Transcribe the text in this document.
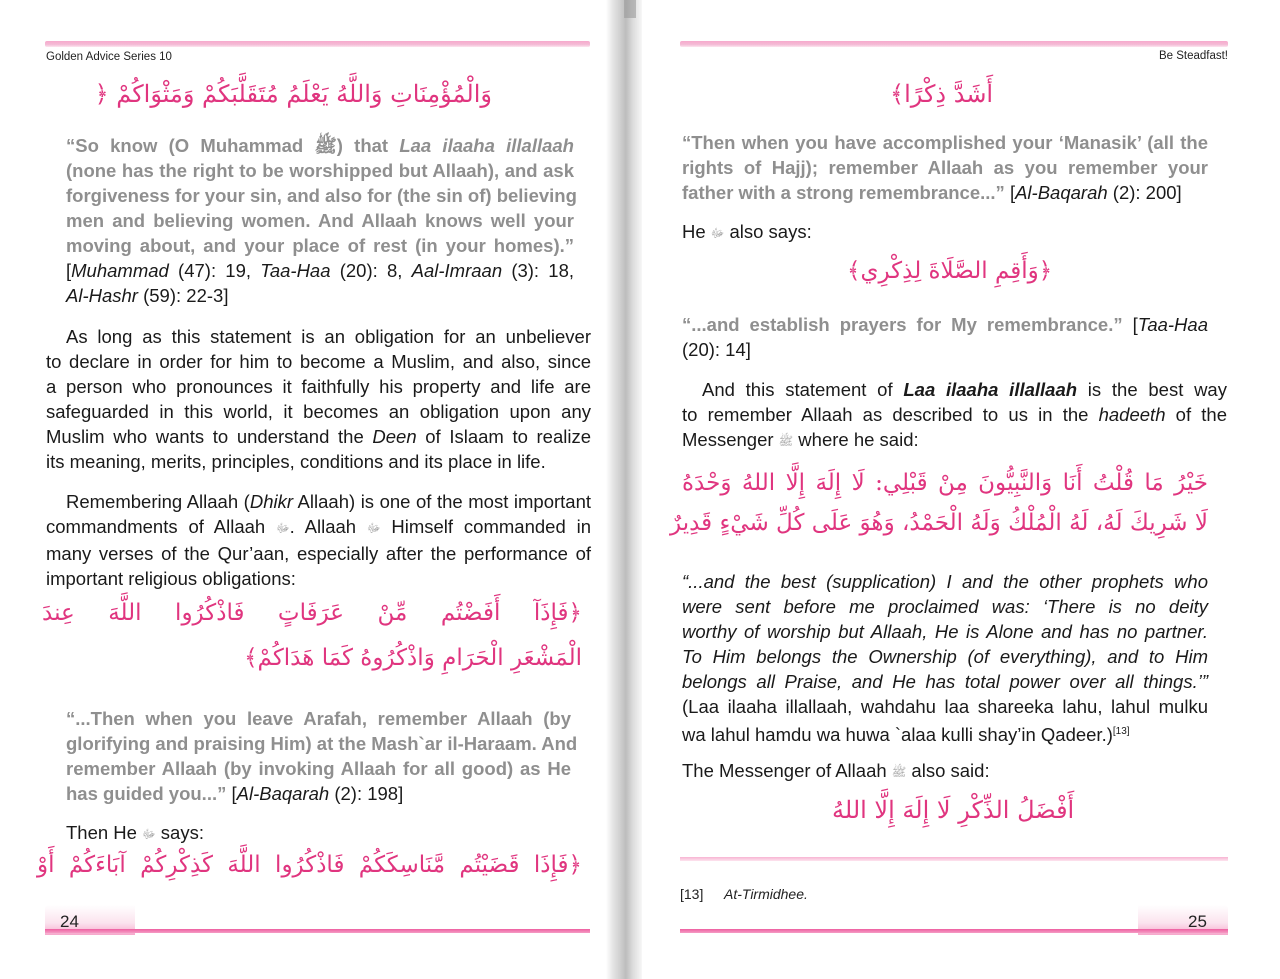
Golden Advice Series 10
وَالْمُؤْمِنَاتِ وَاللَّهُ يَعْلَمُ مُتَقَلَّبَكُمْ وَمَثْوَاكُمْ ﴿
“So know (O Muhammad ﷺ) that Laa ilaaha illallaah
(none has the right to be worshipped but Allaah), and ask
forgiveness for your sin, and also for (the sin of) believing
men and believing women. And Allaah knows well your
moving about, and your place of rest (in your homes).”
[Muhammad (47): 19, Taa-Haa (20): 8, Aal-Imraan (3): 18,
Al-Hashr (59): 22-3]
As long as this statement is an obligation for an unbeliever
to declare in order for him to become a Muslim, and also, since
a person who pronounces it faithfully his property and life are
safeguarded in this world, it becomes an obligation upon any
Muslim who wants to understand the Deen of Islaam to realize
its meaning, merits, principles, conditions and its place in life.
Remembering Allaah (Dhikr Allaah) is one of the most important
commandments of Allaah ﷻ. Allaah ﷻ Himself commanded in
many verses of the Qur’aan, especially after the performance of
important religious obligations:
﴿فَإِذَآ أَفَضْتُم مِّنْ عَرَفَاتٍ فَاذْكُرُوا اللَّهَ عِندَ
الْمَشْعَرِ الْحَرَامِ وَاذْكُرُوهُ كَمَا هَدَاكُمْ﴾
“...Then when you leave Arafah, remember Allaah (by
glorifying and praising Him) at the Mash`ar il-Haraam. And
remember Allaah (by invoking Allaah for all good) as He
has guided you...” [Al-Baqarah (2): 198]
Then He ﷻ says:
﴿فَإِذَا قَضَيْتُم مَّنَاسِكَكُمْ فَاذْكُرُوا اللَّهَ كَذِكْرِكُمْ آبَاءَكُمْ أَوْ
24
Be Steadfast!
أَشَدَّ ذِكْرًا﴾
“Then when you have accomplished your ‘Manasik’ (all the
rights of Hajj); remember Allaah as you remember your
father with a strong remembrance...” [Al-Baqarah (2): 200]
He ﷻ also says:
﴿وَأَقِمِ الصَّلَاةَ لِذِكْرِي﴾
“...and establish prayers for My remembrance.” [Taa-Haa
(20): 14]
And this statement of Laa ilaaha illallaah is the best way
to remember Allaah as described to us in the hadeeth of the
Messenger ﷺ where he said:
خَيْرُ مَا قُلْتُ أَنَا وَالنَّبِيُّونَ مِنْ قَبْلِي: لَا إِلَهَ إِلَّا اللهُ وَحْدَهُ
لَا شَرِيكَ لَهُ، لَهُ الْمُلْكُ وَلَهُ الْحَمْدُ، وَهُوَ عَلَى كُلِّ شَيْءٍ قَدِيرٌ
“...and the best (supplication) I and the other prophets who
were sent before me proclaimed was: ‘There is no deity
worthy of worship but Allaah, He is Alone and has no partner.
To Him belongs the Ownership (of everything), and to Him
belongs all Praise, and He has total power over all things.’”
(Laa ilaaha illallaah, wahdahu laa shareeka lahu, lahul mulku
wa lahul hamdu wa huwa `alaa kulli shay’in Qadeer.)[13]
The Messenger of Allaah ﷺ also said:
أَفْضَلُ الذِّكْرِ لَا إِلَهَ إِلَّا اللهُ
[13] At-Tirmidhee.
25
